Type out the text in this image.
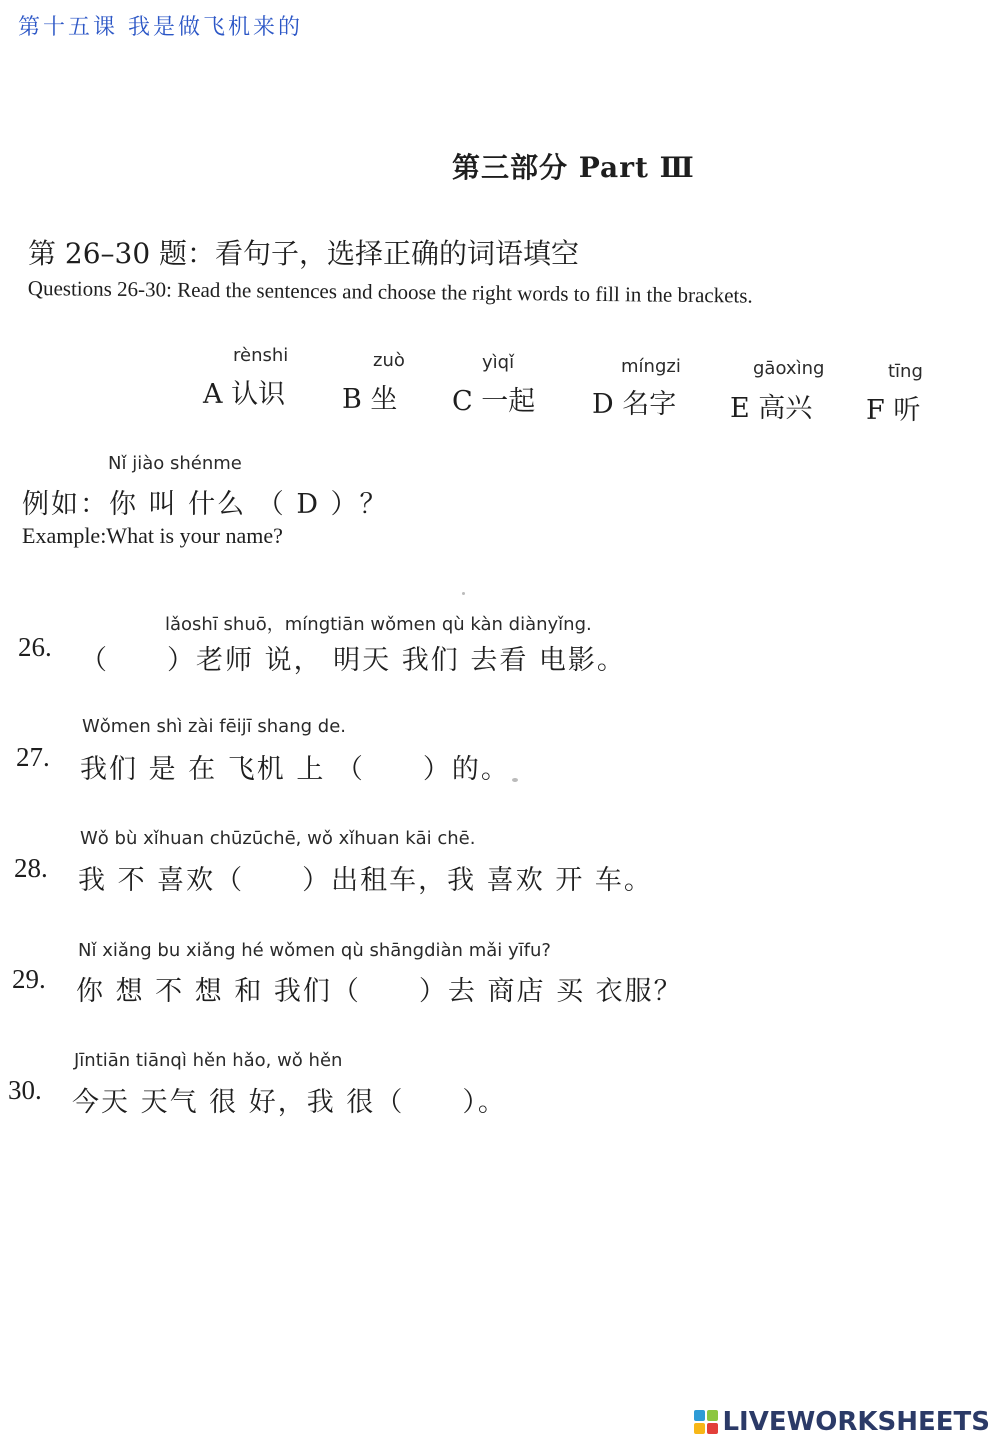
第十五课 我是做飞机来的
第三部分 Part Ⅲ
第 26–30 题：看句子，选择正确的词语填空
Questions 26-30: Read the sentences and choose the right words to fill in the brackets.
rènshi
A 认识
zuò
B 坐
yìqǐ
C 一起
míngzi
D 名字
gāoxìng
E 高兴
tīng
F 听
Nǐ jiào shénme
例如：你 叫 什么 （ D ）？
Example:What is your name?
lǎoshī shuō，míngtiān wǒmen qù kàn diànyǐng.
26. （　　）老师 说， 明天 我们 去看 电影。
Wǒmen shì zài fēijī shang de.
27. 我们 是 在 飞机 上 （　　）的。
Wǒ bù xǐhuan chūzūchē, wǒ xǐhuan kāi chē.
28. 我 不 喜欢（　　）出租车，我 喜欢 开 车。
Nǐ xiǎng bu xiǎng hé wǒmen qù shāngdiàn mǎi yīfu?
29. 你 想 不 想 和 我们（　　）去 商店 买 衣服？
Jīntiān tiānqì hěn hǎo, wǒ hěn
30. 今天 天气 很 好，我 很（　　）。
LIVEWORKSHEETS
